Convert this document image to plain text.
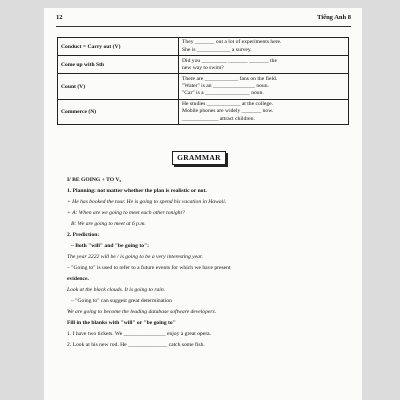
12	Tiếng Anh 8
Conduct = Carry out (V)	They _______ out a lot of experiments here.
She is ____________ a survey.

Come up with Sth	Did you _________ _______ _______ the
new way to swim?

Count (V)	There are ____________ fans on the field.
"Water" is an _______________ noun.
"Car" is a ________________ noun.

Commerce (N)	He studies ____________ at the college.
Mobile phones are widely _______ now.
_____________ attract children.
GRAMMAR
I/ BE GOING + TO V₀
1. Planning: not matter whether the plan is realistic or not.
+ He has booked the tour. He is going to spend his vacation in Hawaii.
+ A: When are we going to meet each other tonight?
B: We are going to meet at 6 p.m.
2. Prediction:
– Both "will" and "be going to":
The year 2222 will be / is going to be a very interesting year.
– "Going to" is used to refer to a future events for which we have present
evidence.
Look at the black clouds. It is going to rain.
– "Going to" can suggest great determination
We are going to become the leading database software developers.
Fill in the blanks with "will" or "be going to"
1. I have two tickets. We _______________ enjoy a great opera.
2. Look at his new rod. He ______________ catch some fish.
